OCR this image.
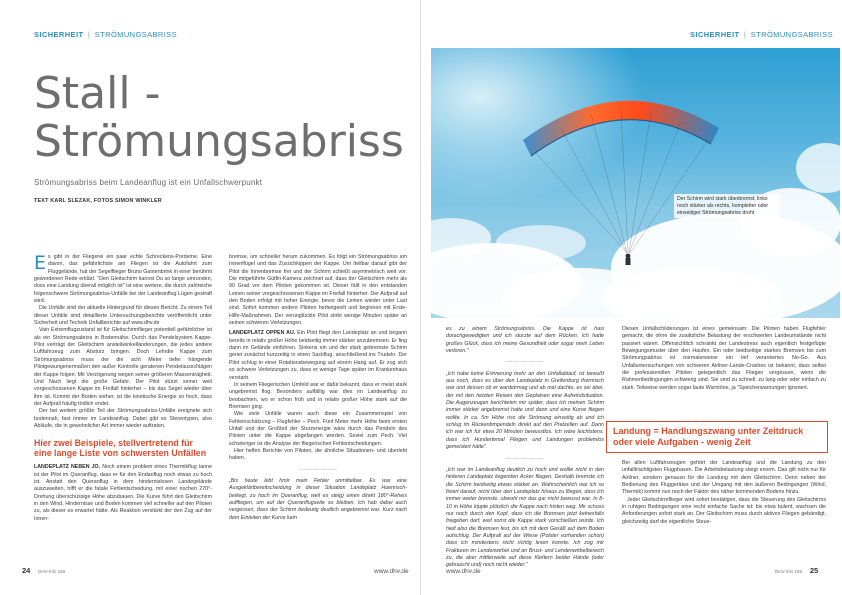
SICHERHEIT | STRÖMUNGSABRISS
Stall -
Strömungsabriss
Strömungsabriss beim Landeanflug ist ein Unfallschwerpunkt
TEXT KARL SLEZAK, FOTOS SIMON WINKLER

Es gibt in der Fliegerei ein paar echte Schreckens-Pordeme. Eine davon, das gefährlichste am Fliegen ist die Autofahrt zum Fluggelände, hat der Segelflieger Bruno Gantenbrink in einer berühmt gewordenen Rede erklärt. "Den Gleitschirm kannst Du so lange umrunden, doss eine Landung überall möglich ist" ist eine weitere, die durch zahlreiche folgenschwere Strömungsabriss-Unfälle bei der Landeanflug Lügen gestraft wird.

Die Unfälle sind der aktuelle Hintergrund für diesen Bericht. Zu einem Teil dieser Unfälle sind detaillierte Untersuchungsberichte veröffentlicht unter Sicherheit und Technik Unfallberichte auf www.dhv.de

Vain Extremflugzustand ist für Gleitschirmflieger potentiell gefährlicher ist als ein Strömungsabriss in Bodennähe. Durch das Pendelsystem Kappe-Pilot verträgt der Gleitschirm ansteilwinkelländerungen, die jedes andere Luftfahrzeug zum Absturz bringen. Doch Lehrdie Kappe zum Strömungsabriss muss der die acht Meter tiefer hängende Pilotgewungenermaßen den außer Kontrolle geratenen Pendelausschlägen der Kappe folgen. Mit Verzögerung wegen seiner größeren Massenträgheit. Und Nach liegt die große Gefahr. Der Pilot stürzt seiner weit vorgeschossenen Kappe im Freifall hinterher – bis das Segel wieder über ihm ist. Kommt der Boden vorher, ist die kinetische Energie so hoch, dass der Aufprall häufig tödlich endet.

Der bei weitem größte Teil der Strömungsabriss-Unfälle ereignete sich bodennah, fast immer im Landeanflug. Dabei gibt es Stereotypen, also Abläufe, die in gewohnlicher Art immer wieder auftraten.

Hier zwei Beispiele, stellvertretend für eine lange Liste von schwersten Unfällen

LANDEPLATZ NEBEN JO. Noch einem problem eines Thermikflug tanne ist der Pilot im Queranflug, dass er für den Endanflug noch etwas zu hoch ist. Anstatt den Queranflug in dem hindernislosen Landegelände auszuweiten, trifft er die fatale Fehlentscheidung, mit einer nochen 270°-Drehung überschüssige Höhe abzubauen. Die Kurve führt den Gleitschirm in den Wind, Hindernisse und Boden kommen viel schneller auf den Piloten zu, als dieser es erwartet hätte. Als Reaktion verstärkt der den Zug auf der Innen-

bremse, um schneller herum zukommen. Es folgt ein Strömungsabriss am Innenflügel und das Zusüchkippen der Kappe. Um Iteilbar darauf gibt der Pilot die Innenbremse frei und der Schirm schießt asymmetrisch weit vor. Die mitgeführte Gütfin-Kamera zeichnet auf, dass der Gleitschirm mehr als 90 Grad vor dem Piloten gekommen ist. Dieser fällt in den entstanden Leinen seiner vorgeschossenen Kappe im Freifall hinterher. Der Aufprall auf den Boden erfolgt mit hoher Energie, bevor die Leinen wieder unter Last sind. Sofort kommen andere Piloten herbeigeeilt und beginnen mit Erste-Hilfe-Maßnahmen. Der verunglückte Pilot stirbt wenige Minuten später an seinen schweren Verletzungen.

LANDEPLATZ OPPEN AU. Ein Pilot fliegt den Landeplatz an und begann bereits in relativ großer Höhe beidseitig immer stärker anzubremsen. Er fing dann im Gelände einführen. Sinkens ein und der stark gebremste Schirm geriet zunächst kurzzeitig in einen Sackflug, anschließend ins Trudeln. Der Pilot schlug in einer Rotationsbewegung auf einem Hang auf. Er zog sich so schwere Verletzungen zu, dass er wenige Tage später im Krankenhaus verstarb.

In seinem Fliegerischen Umfeld war er dafür bekannt, dass er meist stark ungebremst flog. Besonders auffällig war dies im Landeanflug zu beobachten, wo er schon früh und in relativ großer Höhe stark auf die Bremsen ging.

Wie viele Unfälle waren auch diese ein Zusammenspiel von Fehleinschätzung – Flugfehler – Pech. Fünf Meter mehr Höhe beim ersten Unfall und der Großteil der Sturzenergie wäre durch das Pendeln des Piloten unter die Kappe abgefangen worden. Soviel zum Pech. Viel schwieriger ist die Analyse der fliegerischen Fehlentscheidungen.

Hier helfen Berichte von Piloten, die ähnliche Situationen- und überlebt haben.

-----------------

„Bis heute lebt hmir mein Fehler unmittelbar. Es war eine Ausgeklärtbereitscheidung in dieser Situation Landeplatz Hoenrisch-beiliegt, zu hoch im Queranflug, weil es steig) einen direkt 180°-Reheis auffliegen, um auf der Queranflugseite so bleiben. Ich hab dabei auch vergessen, dass der Schirm bedeutig deutlich angebremst war. Kurz nach dem Einleiten der Kurve kam

24 DHV-Info 189	www.dhv.de
SICHERHEIT | STRÖMUNGSABRISS
Der Schirm wird stark überbremst, links noch stärker als rechts, kompletter oder einseitiger Strömungsabriss droht

es zu einem Strömungsabriss. Die Kappe ist hasi dorachgewedigten und ich sturzte auf dem Rücken. Ich hatte großes Glück, dass ich meine Gesundheit oder sogar mein Leben verloren."

-----------------

„Ich habe keine Erinnerung mehr an den Unfallablauf, ist bewußt aus noch, dass es über den Landeplatz in Greifenburg thermisch war und dessen ob er wardetrmag und ab mal dachte, es sei aber, der mit den hetzten Reisen den Geplatsen eine Aufwindsituation. Die Augenzeugen berichteten mir später, dass ich meinen Schirm immer stärker angebremst hatte und dann und eine Kurve fliegen wollte. In ca. 5m Höhe riss die Strömung einseitig ab und ich schlug im Rückenbmpendeln direkt auf den Pratzellen auf. Dann ich war ich für etwa 20 Minuten bewusstlos. Ich wäre leichtstens, dass ich Hundertemal Fliegen und Landungen problemlos gemeistert hätte".

-----------------

„Ich war im Landeanflug deutlich zu hoch und wollte nicht in den hinteren Landeplatz liegenden Acker fliegen. Deshalb bremste ich die Schirm beidseitig etwas stärker an. Wahrscheinlich war ich so fixiert darauf, nicht über den Landeplatz hinaus zu fliegen, dass ich immer weiter bremste, obwohl mir das gar nicht bewusst war. In 8-10 m Höhe kippte plötzlich die Kappe nach hinten weg. Mir schoss nur noch durch den Kopf, dass ich die Bremsen jetzt keinesfalls freigeben darf, weil sonst die Kappe stark vorschießen würde. Ich hielt also die Bremsen fest, bis ich mit dem Gesäß auf dem Boden aufschlug. Der Aufprall auf der Wiese (Polster vorhanden schon) dass ich mindestens nicht richtig lesen konnte. Ich zog mir Frakturen im Lendenwirbel und an Brust- und Lendenwirbelbereich zu, die aber mittlerweile auf diese Klettern beider Hände (oder gebraucht und) noch nicht wieder."

Diesen Unfallschilderungen ist eines gemeinsam: Die Piloten haben Flugfehler gemacht, die ohne die zusätzliche Belastung der erschwerten Landeumstände nicht passiert wären. Offensichtlich schränkt der Landestress auch eigentlich festgefügte Bewegungsmuster über den Haufen. Ein oder beidseitige starkes Bremsen bis zum Strömungsabriss ist normalerweise ein tief verankertes No-Go. Aus Unfalluntersuchungen von schweren Airliner-Lande-Crashes ist bekannt, dass selbst die professionellen Piloten gelegentlich das Fliegen vergessen, wenn die Rahmenbedingungen schwierig sind. Sie sind zu schnell, zu lang oder oder einfach zu stark. Teilweise werden sogar laute Warntöne, ja "Speicherwarnungen ignoriert.

Landung = Handlungszwang unter Zeitdruck
oder viele Aufgaben - wenig Zeit

Bei allen Luftfahrzeugen gehört der Landeanflug und die Landung zu den unfallträchtigsten Flugphasen. Die Arbeitsbelastung steigt enorm. Das gilt nicht nur für Airliner, sondern genauso für die Landung mit dem Gleitschirm. Denn neben der Bedienung des Fluggerätes und der Umgang mit den äußeren Bedingungen (Wind, Thermik) kommt nun noch der Faktor des näher kommenden Bodens hinzu.

Jeder Gleitschirmflieger wird sofort bestätigen, dass die Steuerung des Gleitschirms in ruhigen Bedingungen eine recht einfache Sache ist: bis etwa bulent, wachsen die Anforderungen sofort stark an. Der Gleitschirm muss durch aktives Fliegen gebändigt, gleichzeitig darf die eigentliche Steue-

www.dhv.de	DHV-Info 189 25
